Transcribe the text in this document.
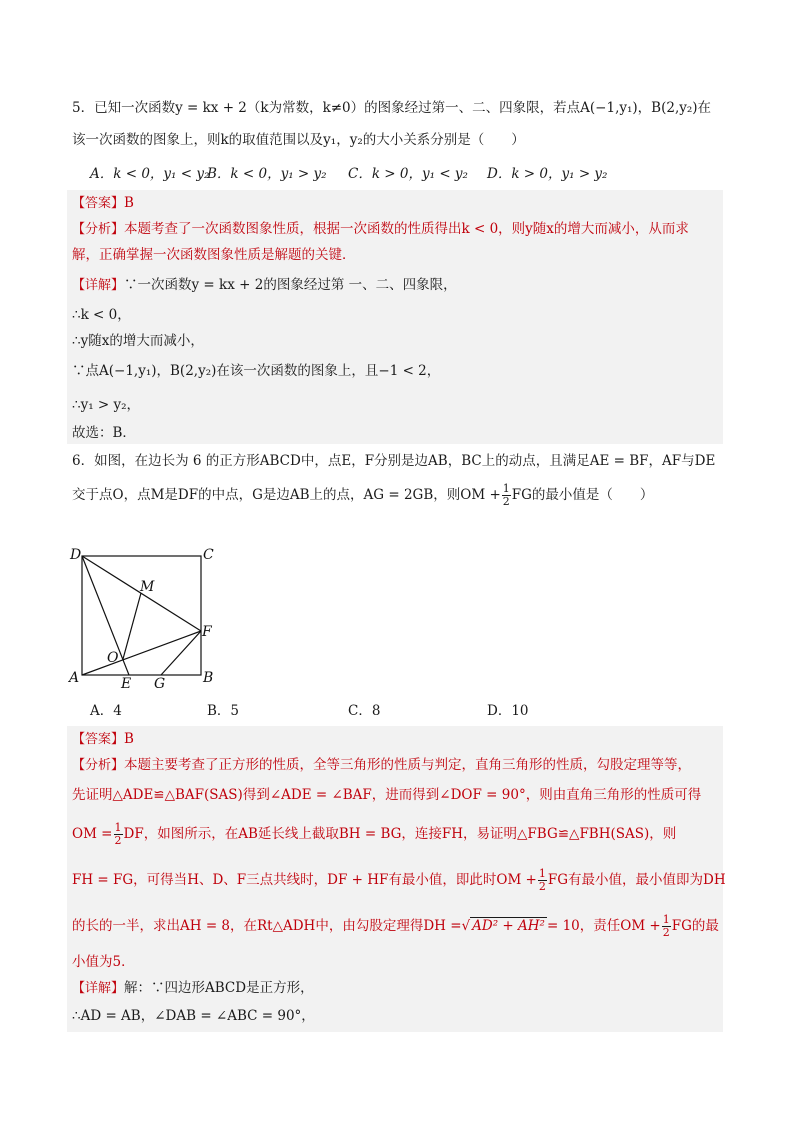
5．已知一次函数y = kx + 2（k为常数，k≠0）的图象经过第一、二、四象限，若点A(−1,y₁)，B(2,y₂)在
该一次函数的图象上，则k的取值范围以及y₁，y₂的大小关系分别是（　　）
A．k < 0，y₁ < y₂
B．k < 0，y₁ > y₂ C．k > 0，y₁ < y₂ D．k > 0，y₁ > y₂
【答案】B
【分析】本题考查了一次函数图象性质，根据一次函数的性质得出k < 0，则y随x的增大而减小，从而求
解，正确掌握一次函数图象性质是解题的关键．
【详解】∵一次函数y = kx + 2的图象经过第 一、二、四象限，
∴k < 0，
∴y随x的增大而减小，
∵点A(−1,y₁)，B(2,y₂)在该一次函数的图象上，且−1 < 2，
∴y₁ > y₂，
故选：B．
6．如图，在边长为 6 的正方形ABCD中，点E，F分别是边AB，BC上的动点，且满足AE = BF，AF与DE
交于点O，点M是DF的中点，G是边AB上的点，AG = 2GB，则OM + $\frac{1}{2}$ FG的最小值是（　　）
D	C
A	B
M
F
O
E G
A．4	B．5	C．8	D．10
【答案】B
【分析】本题主要考查了正方形的性质，全等三角形的性质与判定，直角三角形的性质，勾股定理等等，
先证明△ADE≌△BAF(SAS)得到∠ADE = ∠BAF，进而得到∠DOF = 90°，则由直角三角形的性质可得
OM = $\frac{1}{2}$ DF，如图所示，在AB延长线上截取BH = BG，连接FH，易证明△FBG≌△FBH(SAS)，则
FH = FG，可得当H、D、F三点共线时，DF + HF有最小值，即此时OM + $\frac{1}{2}$ FG有最小值，最小值即为DH
的长的一半，求出AH = 8，在Rt△ADH中，由勾股定理得DH =√ AD² + AH² = 10，责任OM + $\frac{1}{2}$ FG的最
小值为5．
【详解】解：∵四边形ABCD是正方形，
∴AD = AB，∠DAB = ∠ABC = 90°，
